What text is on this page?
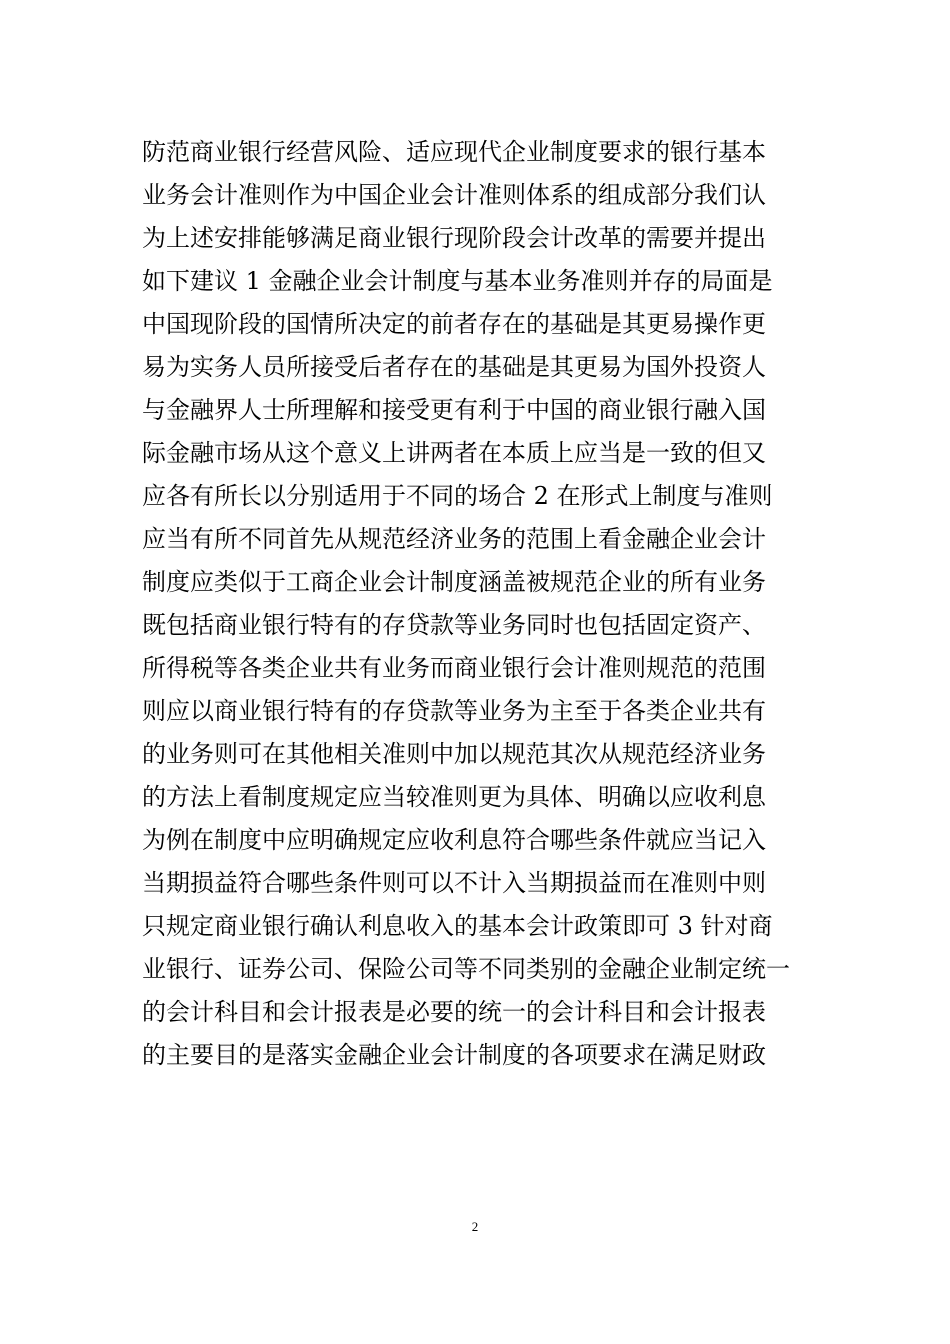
防范商业银行经营风险、适应现代企业制度要求的银行基本
业务会计准则作为中国企业会计准则体系的组成部分我们认
为上述安排能够满足商业银行现阶段会计改革的需要并提出
如下建议 1 金融企业会计制度与基本业务准则并存的局面是
中国现阶段的国情所决定的前者存在的基础是其更易操作更
易为实务人员所接受后者存在的基础是其更易为国外投资人
与金融界人士所理解和接受更有利于中国的商业银行融入国
际金融市场从这个意义上讲两者在本质上应当是一致的但又
应各有所长以分别适用于不同的场合 2 在形式上制度与准则
应当有所不同首先从规范经济业务的范围上看金融企业会计
制度应类似于工商企业会计制度涵盖被规范企业的所有业务
既包括商业银行特有的存贷款等业务同时也包括固定资产、
所得税等各类企业共有业务而商业银行会计准则规范的范围
则应以商业银行特有的存贷款等业务为主至于各类企业共有
的业务则可在其他相关准则中加以规范其次从规范经济业务
的方法上看制度规定应当较准则更为具体、明确以应收利息
为例在制度中应明确规定应收利息符合哪些条件就应当记入
当期损益符合哪些条件则可以不计入当期损益而在准则中则
只规定商业银行确认利息收入的基本会计政策即可 3 针对商
业银行、证券公司、保险公司等不同类别的金融企业制定统一
的会计科目和会计报表是必要的统一的会计科目和会计报表
的主要目的是落实金融企业会计制度的各项要求在满足财政
2
